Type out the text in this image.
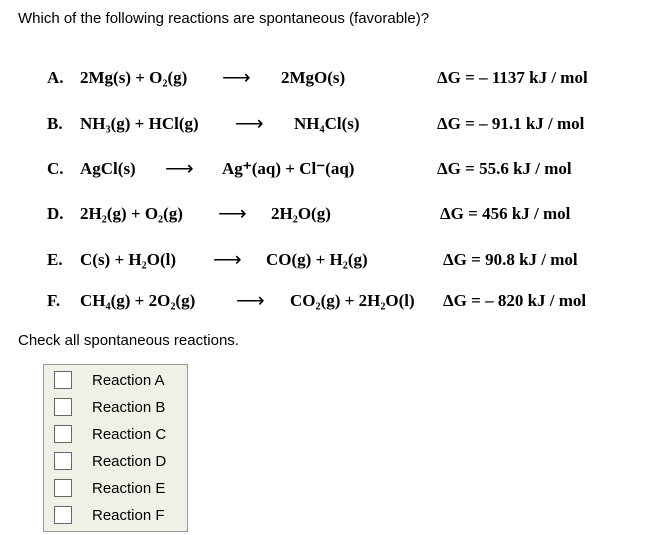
Which of the following reactions are spontaneous (favorable)?
A. 2Mg(s) + O₂(g) ⟶ 2MgO(s)	ΔG = – 1137 kJ / mol
B. NH₃(g) + HCl(g) ⟶ NH₄Cl(s)	ΔG = – 91.1 kJ / mol
C. AgCl(s) ⟶ Ag⁺(aq) + Cl⁻(aq)	ΔG = 55.6 kJ / mol
D. 2H₂(g) + O₂(g) ⟶ 2H₂O(g)	ΔG = 456 kJ / mol
E. C(s) + H₂O(l) ⟶ CO(g) + H₂(g)	ΔG = 90.8 kJ / mol
F. CH₄(g) + 2O₂(g) ⟶ CO₂(g) + 2H₂O(l) ΔG = – 820 kJ / mol
Check all spontaneous reactions.
Reaction A
Reaction B
Reaction C
Reaction D
Reaction E
Reaction F
